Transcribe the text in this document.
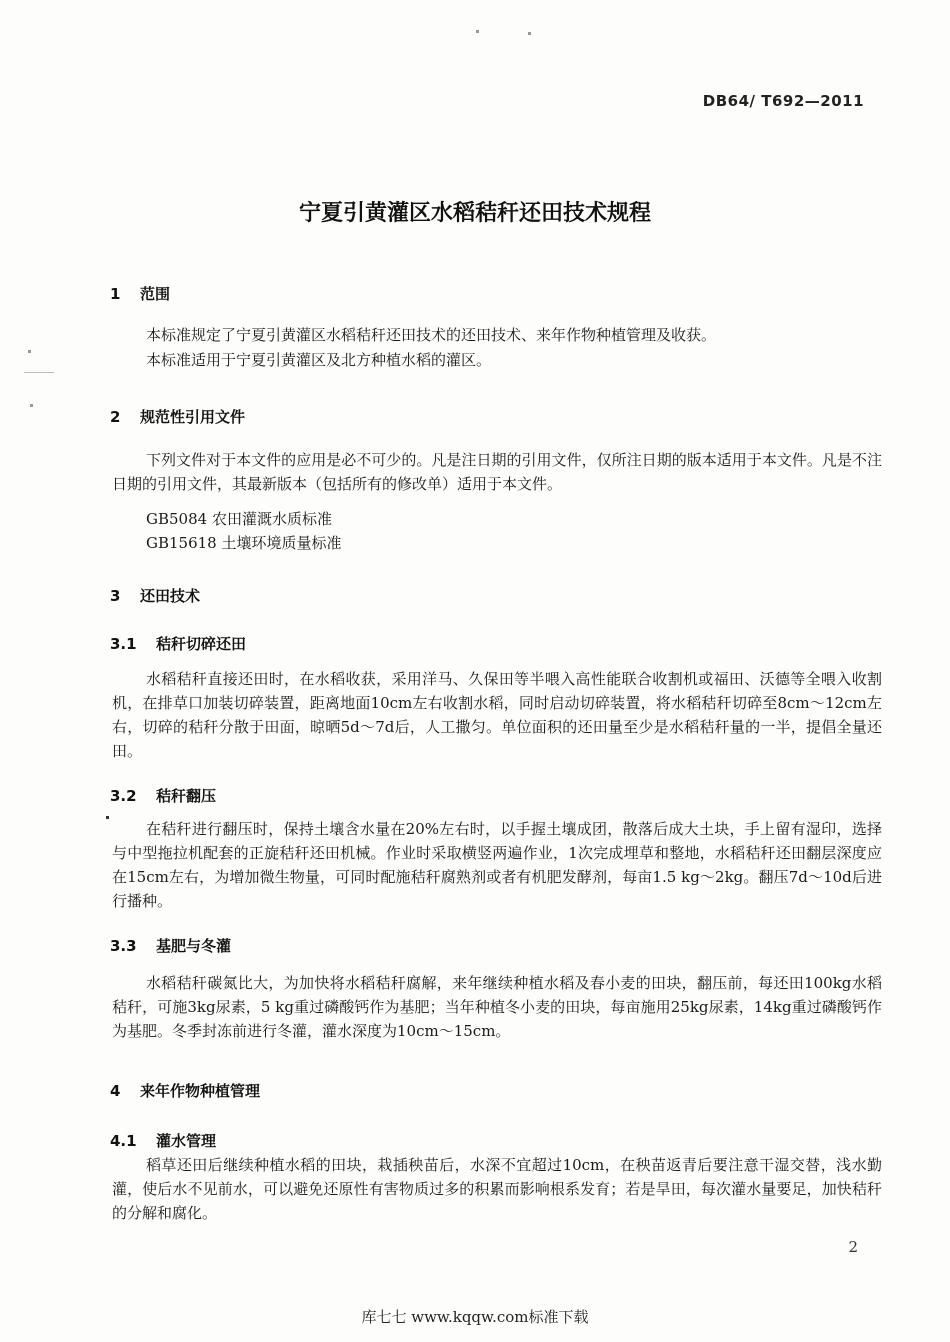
DB64/ T692—2011
宁夏引黄灌区水稻秸秆还田技术规程
1 范围
本标准规定了宁夏引黄灌区水稻秸秆还田技术的还田技术、来年作物种植管理及收获。
本标准适用于宁夏引黄灌区及北方种植水稻的灌区。
2 规范性引用文件
下列文件对于本文件的应用是必不可少的。凡是注日期的引用文件，仅所注日期的版本适用于本文件。凡是不注日期的引用文件，其最新版本（包括所有的修改单）适用于本文件。
GB5084 农田灌溉水质标准
GB15618 土壤环境质量标准
3 还田技术
3.1 秸秆切碎还田
水稻秸秆直接还田时，在水稻收获，采用洋马、久保田等半喂入高性能联合收割机或福田、沃德等全喂入收割机，在排草口加装切碎装置，距离地面10cm左右收割水稻，同时启动切碎装置，将水稻秸秆切碎至8cm～12cm左右，切碎的秸秆分散于田面，晾晒5d～7d后，人工撒匀。单位面积的还田量至少是水稻秸秆量的一半，提倡全量还田。
3.2 秸秆翻压
在秸秆进行翻压时，保持土壤含水量在20%左右时，以手握土壤成团，散落后成大土块，手上留有湿印，选择与中型拖拉机配套的正旋秸秆还田机械。作业时采取横竖两遍作业，1次完成埋草和整地，水稻秸秆还田翻层深度应在15cm左右，为增加微生物量，可同时配施秸秆腐熟剂或者有机肥发酵剂，每亩1.5 kg～2kg。翻压7d～10d后进行播种。
3.3 基肥与冬灌
水稻秸秆碳氮比大，为加快将水稻秸秆腐解，来年继续种植水稻及春小麦的田块，翻压前，每还田100kg水稻秸秆，可施3kg尿素，5 kg重过磷酸钙作为基肥；当年种植冬小麦的田块，每亩施用25kg尿素，14kg重过磷酸钙作为基肥。冬季封冻前进行冬灌，灌水深度为10cm～15cm。
4 来年作物种植管理
4.1 灌水管理
稻草还田后继续种植水稻的田块，栽插秧苗后，水深不宜超过10cm，在秧苗返青后要注意干湿交替，浅水勤灌，使后水不见前水，可以避免还原性有害物质过多的积累而影响根系发育；若是旱田，每次灌水量要足，加快秸秆的分解和腐化。
2
库七七 www.kqqw.com标准下载
